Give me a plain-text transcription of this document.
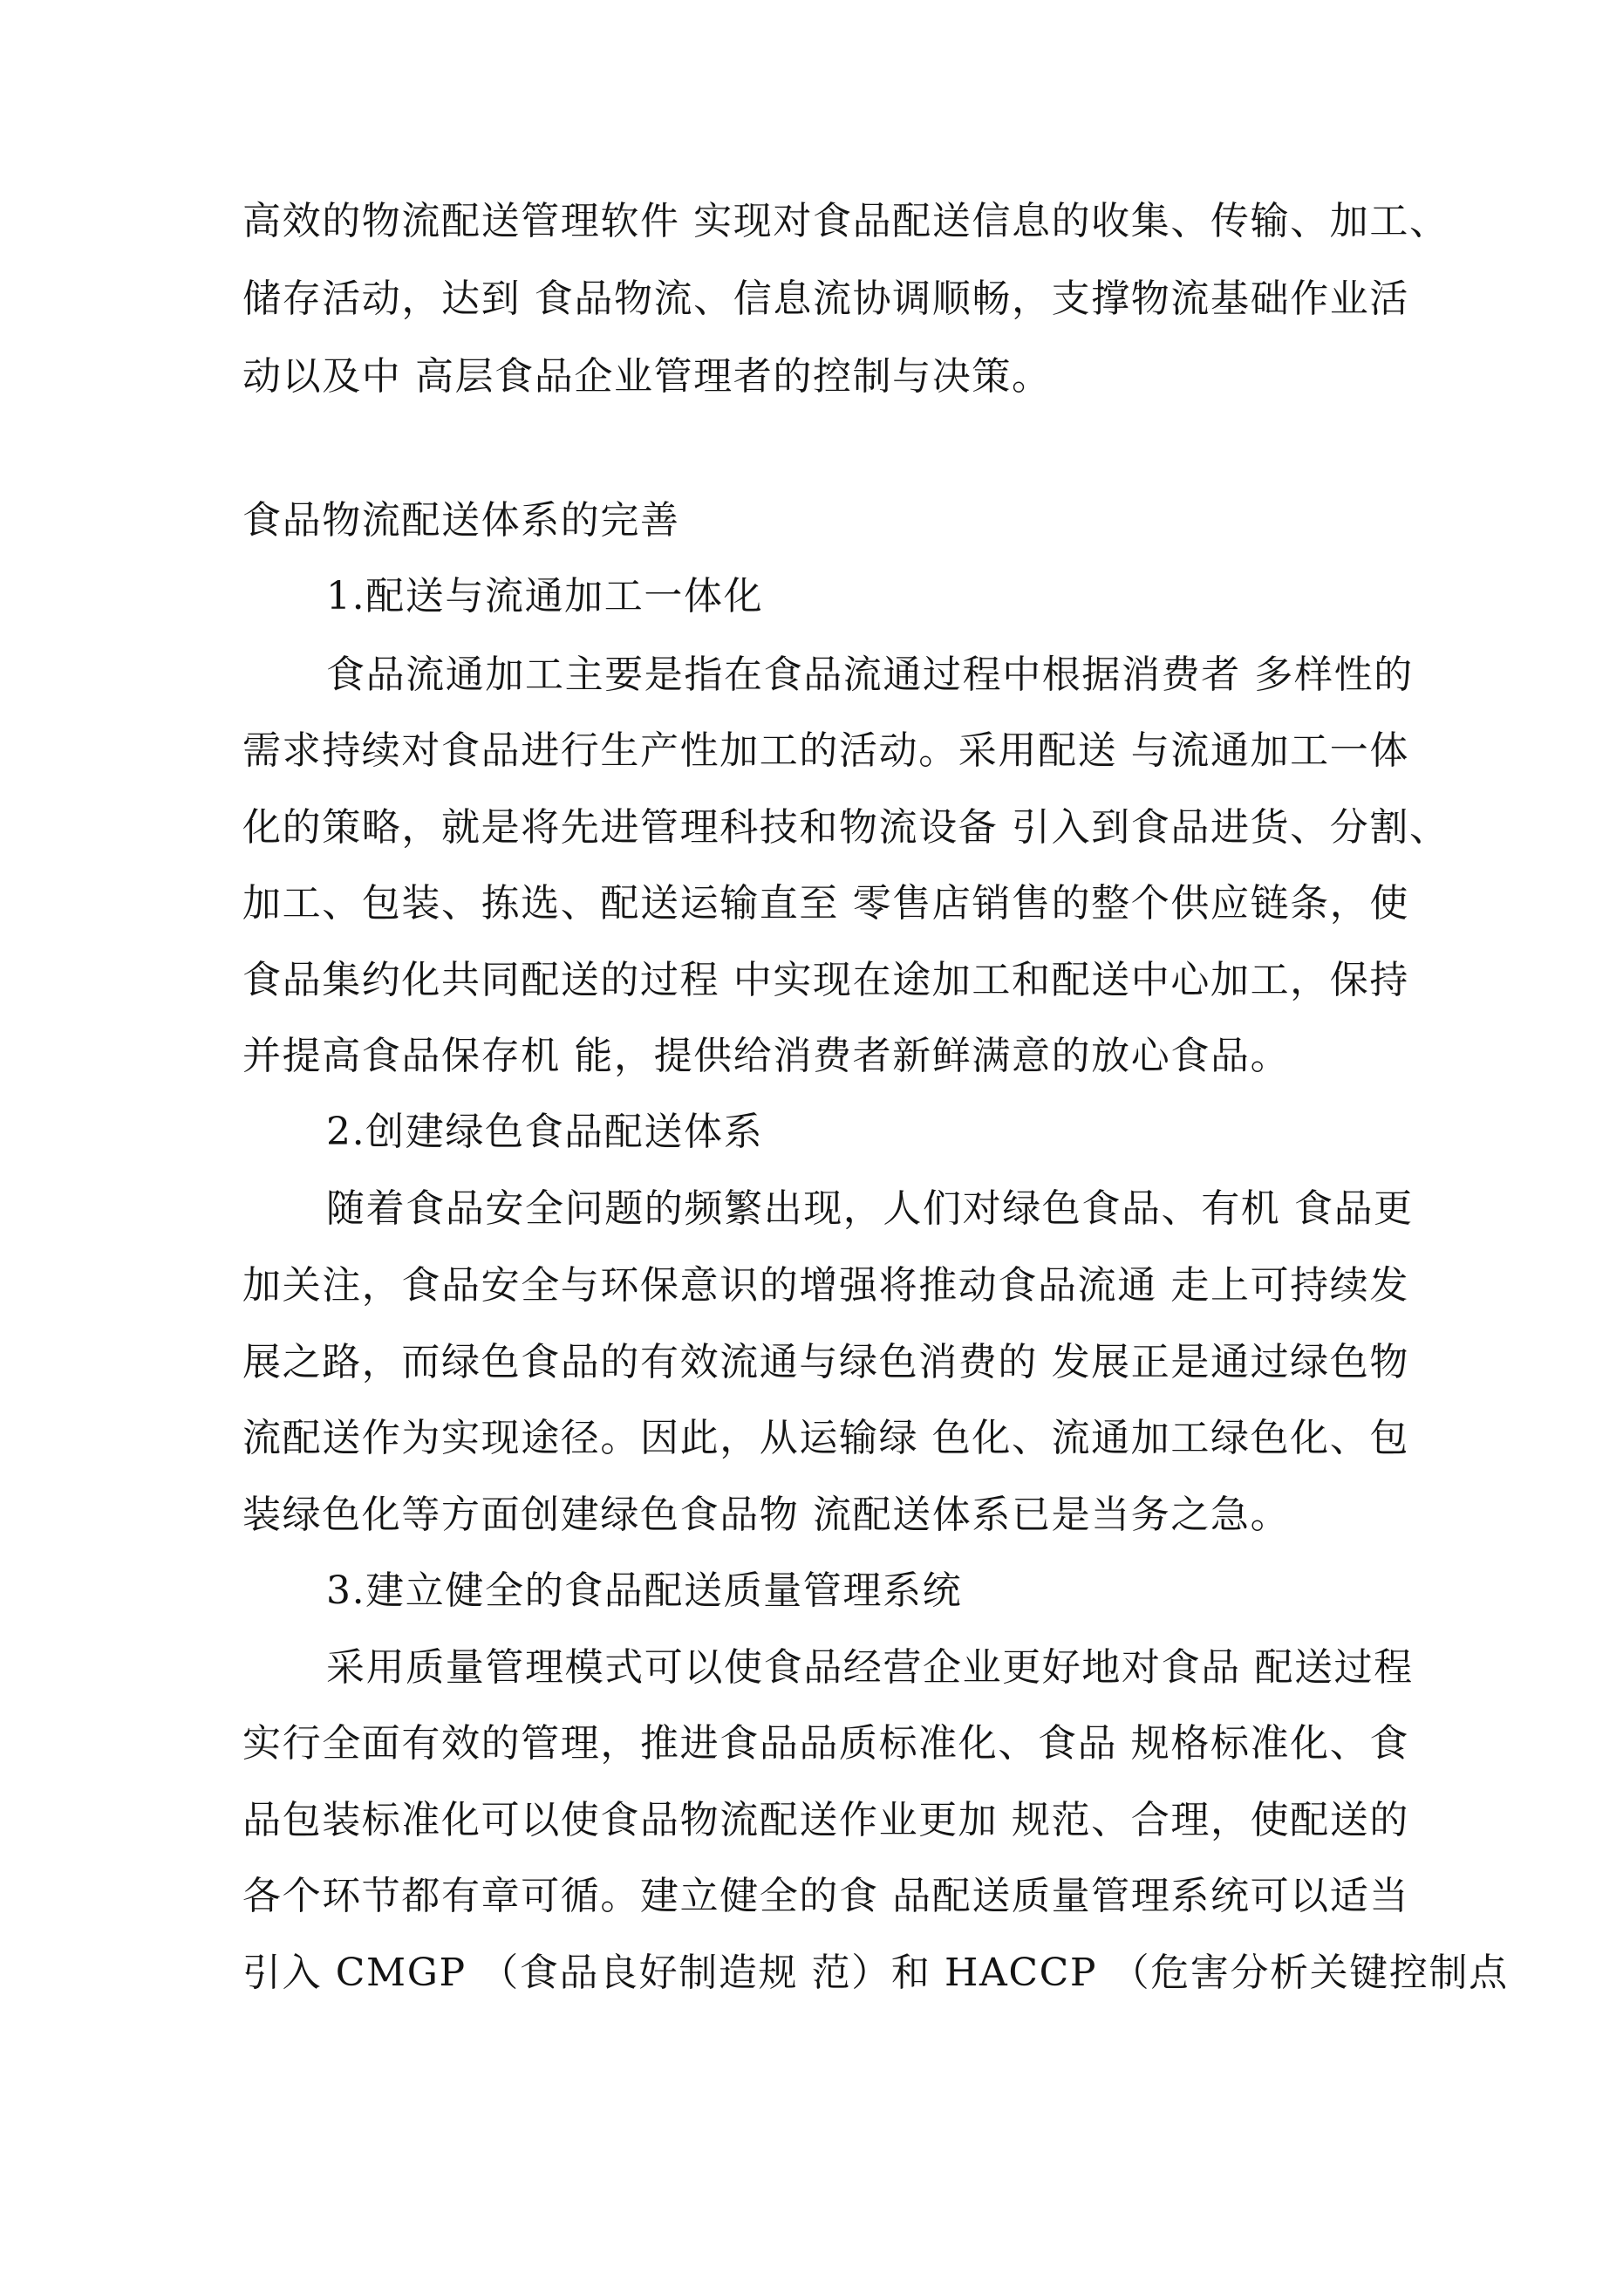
高效的物流配送管理软件 实现对食品配送信息的收集、传输、加工、
储存活动，达到 食品物流、信息流协调顺畅，支撑物流基础作业活
动以及中 高层食品企业管理者的控制与决策。
食品物流配送体系的完善
1.配送与流通加工一体化
食品流通加工主要是指在食品流通过程中根据消费者 多样性的
需求持续对食品进行生产性加工的活动。采用配送 与流通加工一体
化的策略，就是将先进管理科技和物流设备 引入到食品进货、分割、
加工、包装、拣选、配送运输直至 零售店销售的整个供应链条，使
食品集约化共同配送的过程 中实现在途加工和配送中心加工，保持
并提高食品保存机 能，提供给消费者新鲜满意的放心食品。
2.创建绿色食品配送体系
随着食品安全问题的频繁出现，人们对绿色食品、有机 食品更
加关注，食品安全与环保意识的增强将推动食品流通 走上可持续发
展之路，而绿色食品的有效流通与绿色消费的 发展正是通过绿色物
流配送作为实现途径。因此，从运输绿 色化、流通加工绿色化、包
装绿色化等方面创建绿色食品物 流配送体系已是当务之急。
3.建立健全的食品配送质量管理系统
采用质量管理模式可以使食品经营企业更好地对食品 配送过程
实行全面有效的管理，推进食品品质标准化、食品 规格标准化、食
品包装标准化可以使食品物流配送作业更加 规范、合理，使配送的
各个环节都有章可循。建立健全的食 品配送质量管理系统可以适当
引入 CMGP （食品良好制造规 范）和 HACCP （危害分析关键控制点
